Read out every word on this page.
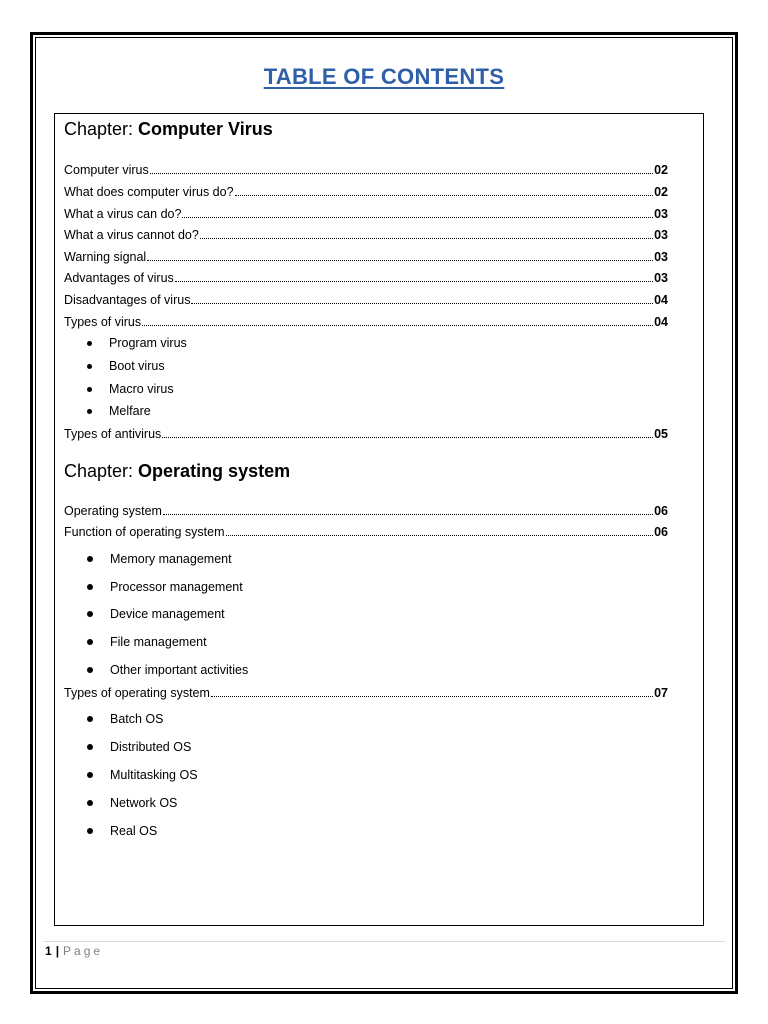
TABLE OF CONTENTS
Chapter: Computer Virus
Computer virus	02
What does computer virus do?	02
What a virus can do?	03
What a virus cannot do?	03
Warning signal	03
Advantages of virus	03
Disadvantages of virus	04
Types of virus	04
Program virus
Boot virus
Macro virus
Melfare
Types of antivirus	05
Chapter: Operating system
Operating system	06
Function of operating system	06
Memory management
Processor management
Device management
File management
Other important activities
Types of operating system	07
Batch OS
Distributed OS
Multitasking OS
Network OS
Real OS
1 | Page
